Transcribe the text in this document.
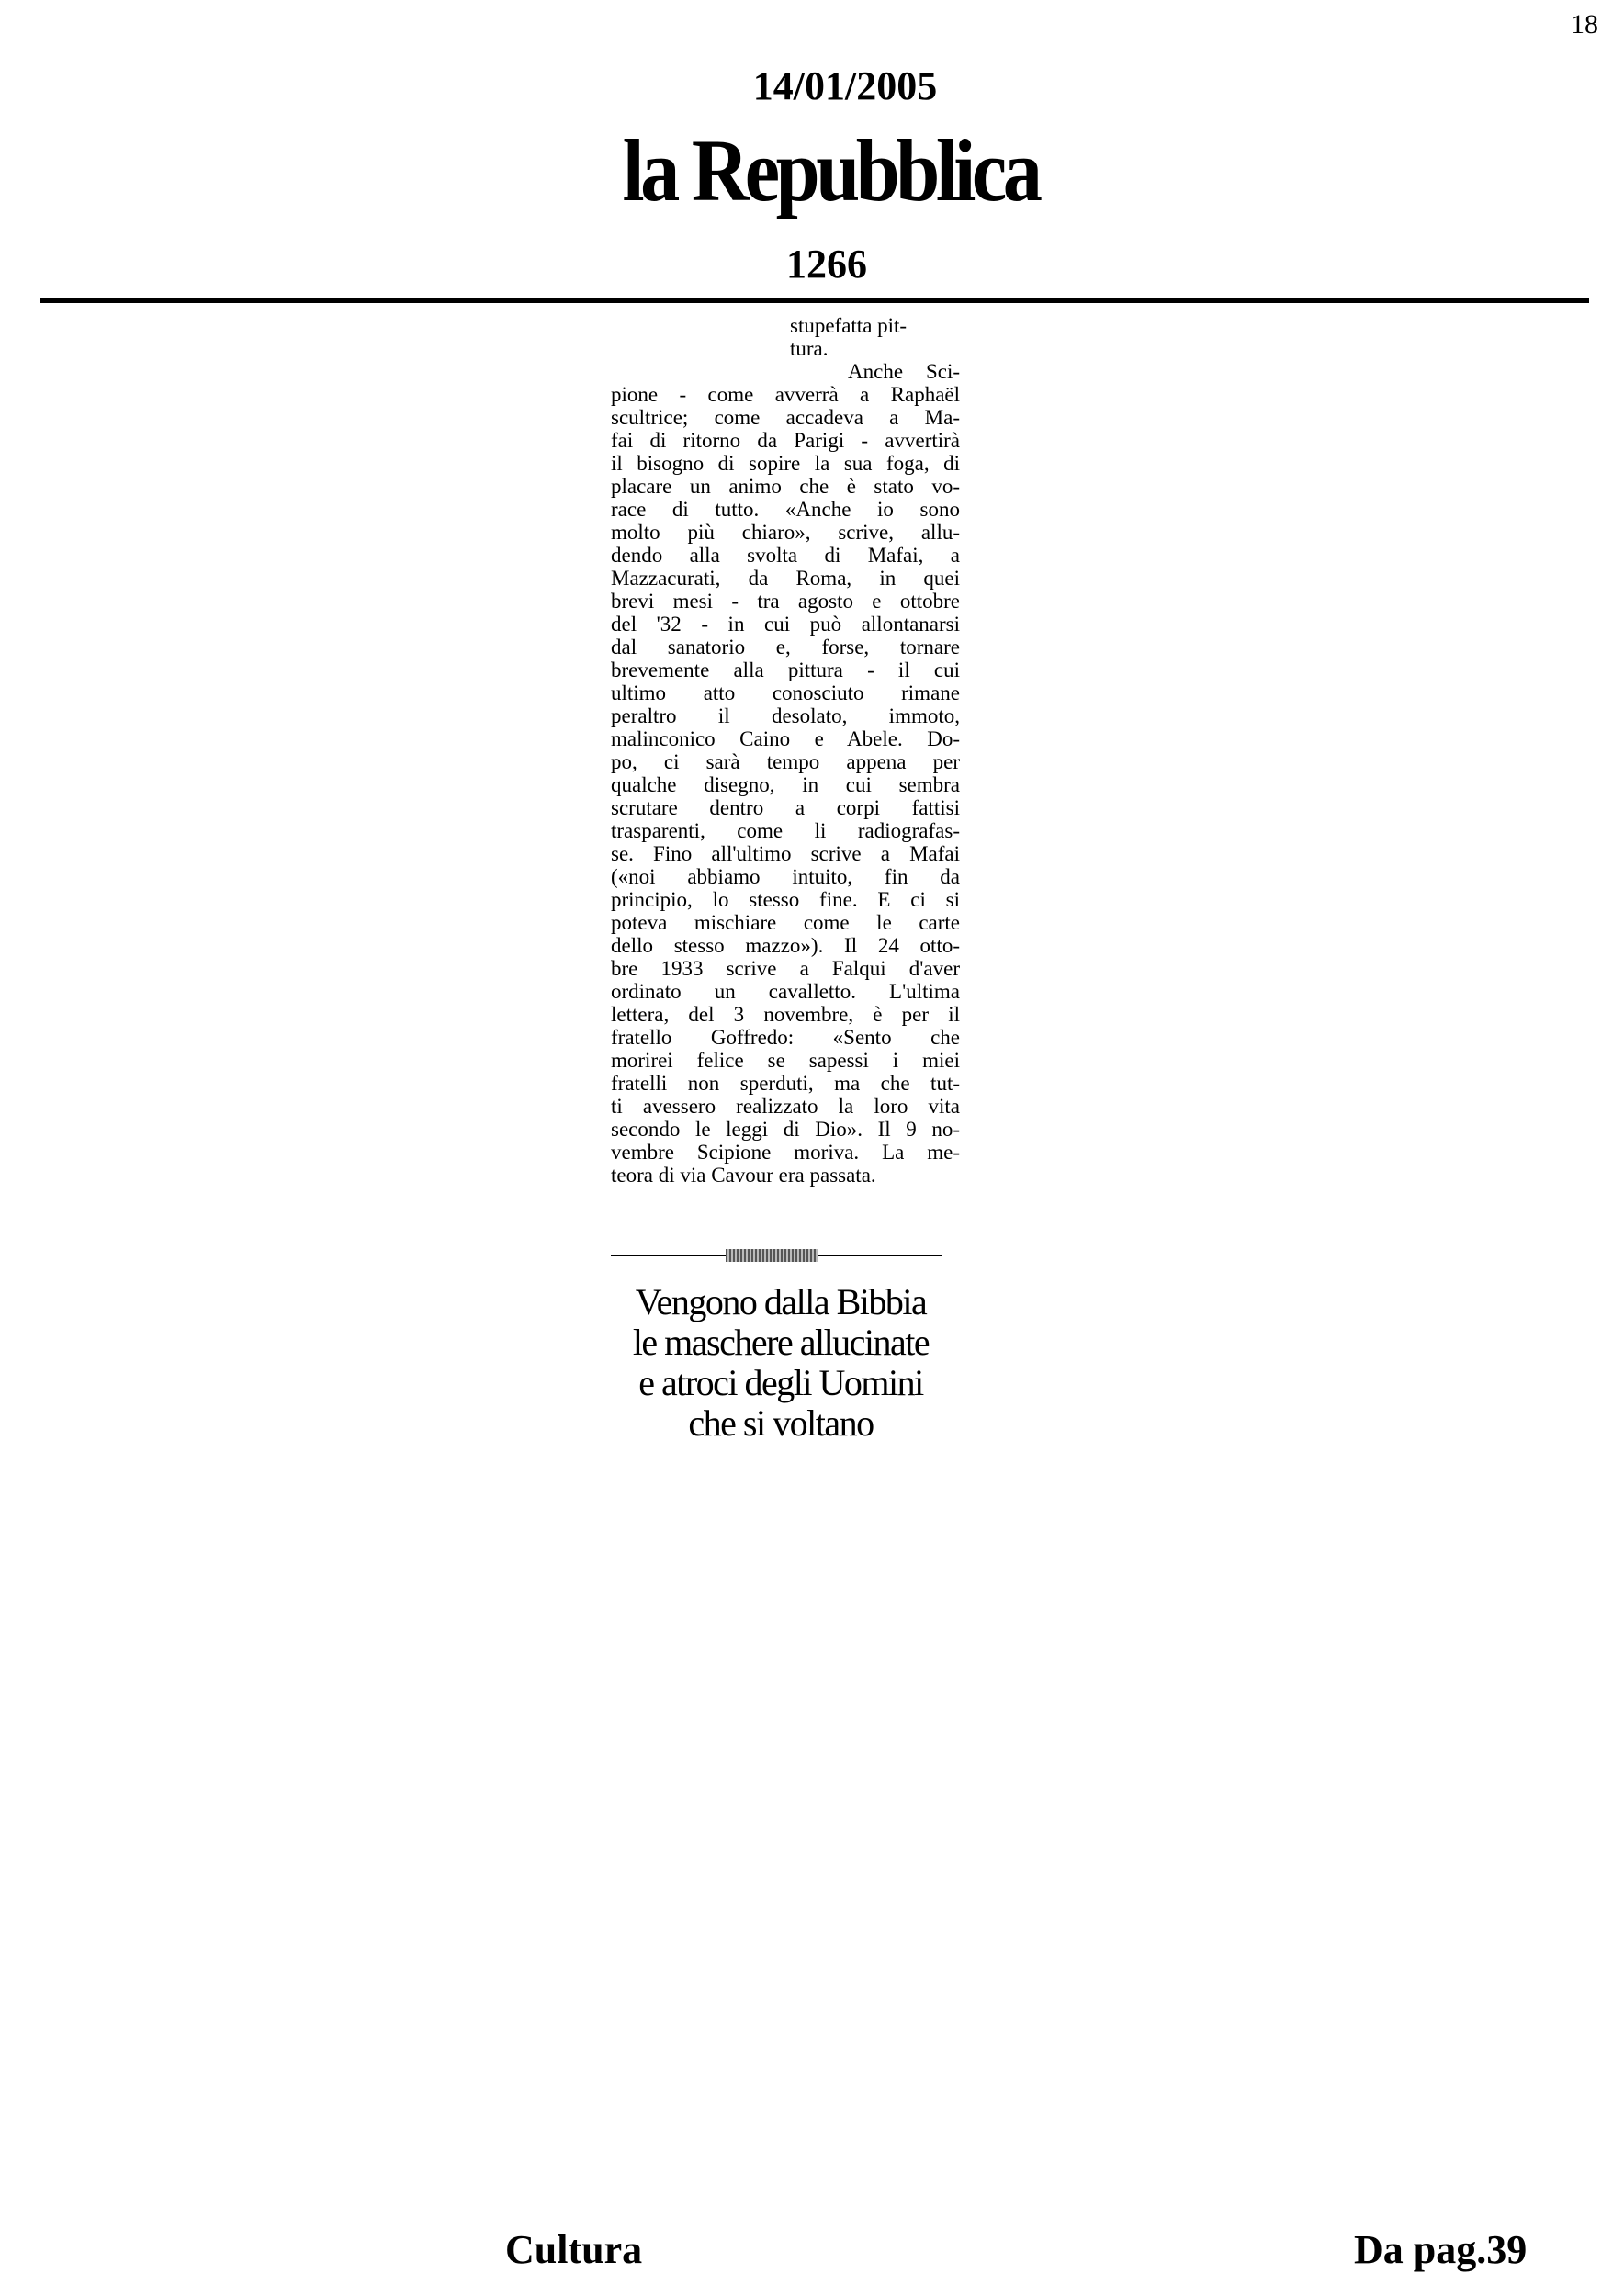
18
14/01/2005
la Repubblica
1266
stupefatta pit-
tura.
Anche Sci-
pione - come avverrà a Raphaël
scultrice; come accadeva a Ma-
fai di ritorno da Parigi - avvertirà
il bisogno di sopire la sua foga, di
placare un animo che è stato vo-
race di tutto. «Anche io sono
molto più chiaro», scrive, allu-
dendo alla svolta di Mafai, a
Mazzacurati, da Roma, in quei
brevi mesi - tra agosto e ottobre
del '32 - in cui può allontanarsi
dal sanatorio e, forse, tornare
brevemente alla pittura - il cui
ultimo atto conosciuto rimane
peraltro il desolato, immoto,
malinconico Caino e Abele. Do-
po, ci sarà tempo appena per
qualche disegno, in cui sembra
scrutare dentro a corpi fattisi
trasparenti, come li radiografas-
se. Fino all'ultimo scrive a Mafai
(«noi abbiamo intuito, fin da
principio, lo stesso fine. E ci si
poteva mischiare come le carte
dello stesso mazzo»). Il 24 otto-
bre 1933 scrive a Falqui d'aver
ordinato un cavalletto. L'ultima
lettera, del 3 novembre, è per il
fratello Goffredo: «Sento che
morirei felice se sapessi i miei
fratelli non sperduti, ma che tut-
ti avessero realizzato la loro vita
secondo le leggi di Dio». Il 9 no-
vembre Scipione moriva. La me-
teora di via Cavour era passata.
Vengono dalla Bibbia
le maschere allucinate
e atroci degli Uomini
che si voltano
Cultura	Da pag.39
